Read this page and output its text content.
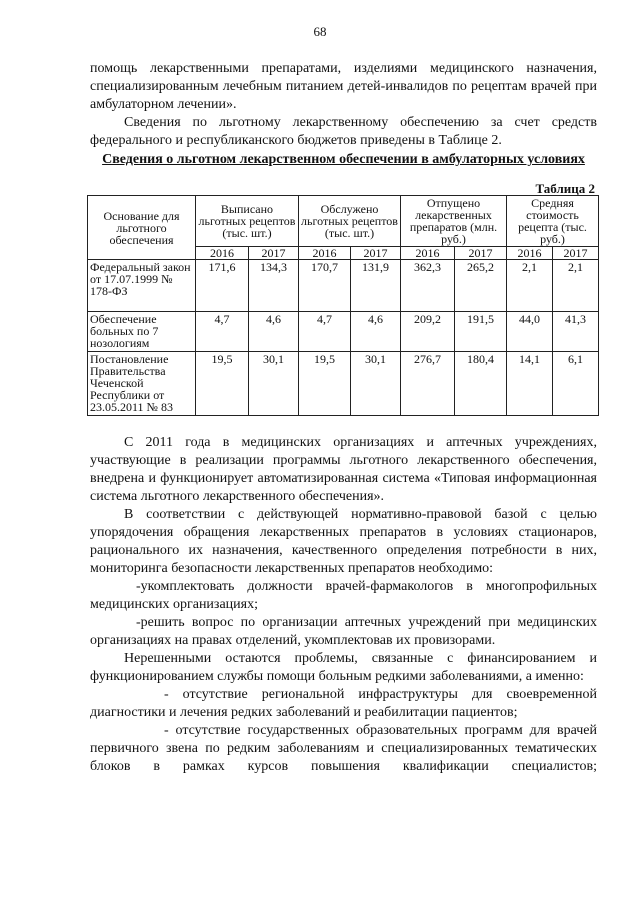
68

помощь лекарственными препаратами, изделиями медицинского назначения, специализированным лечебным питанием детей-инвалидов по рецептам врачей при амбулаторном лечении».

Сведения по льготному лекарственному обеспечению за счет средств федерального и республиканского бюджетов приведены в Таблице 2.

Сведения о льготном лекарственном обеспечении в амбулаторных условиях
Таблица 2
Основание для льготного обеспечения	Выписано льготных рецептов (тыс. шт.)		Обслужено льготных рецептов (тыс. шт.)		Отпущено лекарственных препаратов (млн. руб.)		Средняя стоимость рецепта (тыс. руб.)	
	2016	2017	2016	2017	2016	2017	2016	2017
Федеральный закон от 17.07.1999 № 178-ФЗ	171,6	134,3	170,7	131,9	362,3	265,2	2,1	2,1
Обеспечение больных по 7 нозологиям	4,7	4,6	4,7	4,6	209,2	191,5	44,0	41,3
Постановление Правительства Чеченской Республики от 23.05.2011 № 83	19,5	30,1	19,5	30,1	276,7	180,4	14,1	6,1

С 2011 года в медицинских организациях и аптечных учреждениях, участвующие в реализации программы льготного лекарственного обеспечения, внедрена и функционирует автоматизированная система «Типовая информационная система льготного лекарственного обеспечения».

В соответствии с действующей нормативно-правовой базой с целью упорядочения обращения лекарственных препаратов в условиях стационаров, рационального их назначения, качественного определения потребности в них, мониторинга безопасности лекарственных препаратов необходимо:

-укомплектовать должности врачей-фармакологов в многопрофильных медицинских организациях;

-решить вопрос по организации аптечных учреждений при медицинских организациях на правах отделений, укомплектовав их провизорами.

Нерешенными остаются проблемы, связанные с финансированием и функционированием службы помощи больным редкими заболеваниями, а именно:

- отсутствие региональной инфраструктуры для своевременной диагностики и лечения редких заболеваний и реабилитации пациентов;

- отсутствие государственных образовательных программ для врачей первичного звена по редким заболеваниям и специализированных тематических блоков в рамках курсов повышения квалификации специалистов;
